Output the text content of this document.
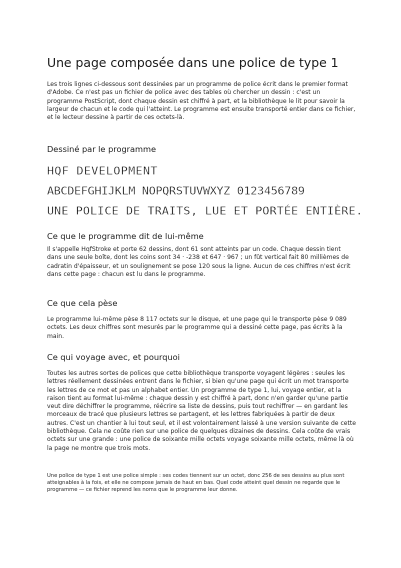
Une page composée dans une police de type 1

Les trois lignes ci-dessous sont dessinées par un programme de police écrit dans le premier format d'Adobe. Ce n'est pas un fichier de police avec des tables où chercher un dessin : c'est un programme PostScript, dont chaque dessin est chiffré à part, et la bibliothèque le lit pour savoir la largeur de chacun et le code qui l'atteint. Le programme est ensuite transporté entier dans ce fichier, et le lecteur dessine à partir de ces octets-là.

Dessiné par le programme
HQF DEVELOPMENT
ABCDEFGHIJKLM NOPQRSTUVWXYZ 0123456789
UNE POLICE DE TRAITS, LUE ET PORTÉE ENTIÈRE.
Ce que le programme dit de lui-même

Il s'appelle HqfStroke et porte 62 dessins, dont 61 sont atteints par un code. Chaque dessin tient dans une seule boîte, dont les coins sont 34 · -238 et 647 · 967 ; un fût vertical fait 80 millièmes de cadratin d'épaisseur, et un soulignement se pose 120 sous la ligne. Aucun de ces chiffres n'est écrit dans cette page : chacun est lu dans le programme.

Ce que cela pèse

Le programme lui-même pèse 8 117 octets sur le disque, et une page qui le transporte pèse 9 089 octets. Les deux chiffres sont mesurés par le programme qui a dessiné cette page, pas écrits à la main.

Ce qui voyage avec, et pourquoi

Toutes les autres sortes de polices que cette bibliothèque transporte voyagent légères : seules les lettres réellement dessinées entrent dans le fichier, si bien qu'une page qui écrit un mot transporte les lettres de ce mot et pas un alphabet entier. Un programme de type 1, lui, voyage entier, et la raison tient au format lui-même : chaque dessin y est chiffré à part, donc n'en garder qu'une partie veut dire déchiffrer le programme, réécrire sa liste de dessins, puis tout rechiffrer — en gardant les morceaux de tracé que plusieurs lettres se partagent, et les lettres fabriquées à partir de deux autres. C'est un chantier à lui tout seul, et il est volontairement laissé à une version suivante de cette bibliothèque. Cela ne coûte rien sur une police de quelques dizaines de dessins. Cela coûte de vrais octets sur une grande : une police de soixante mille octets voyage soixante mille octets, même là où la page ne montre que trois mots.

Une police de type 1 est une police simple : ses codes tiennent sur un octet, donc 256 de ses dessins au plus sont atteignables à la fois, et elle ne compose jamais de haut en bas. Quel code atteint quel dessin ne regarde que le programme — ce fichier reprend les noms que le programme leur donne.
